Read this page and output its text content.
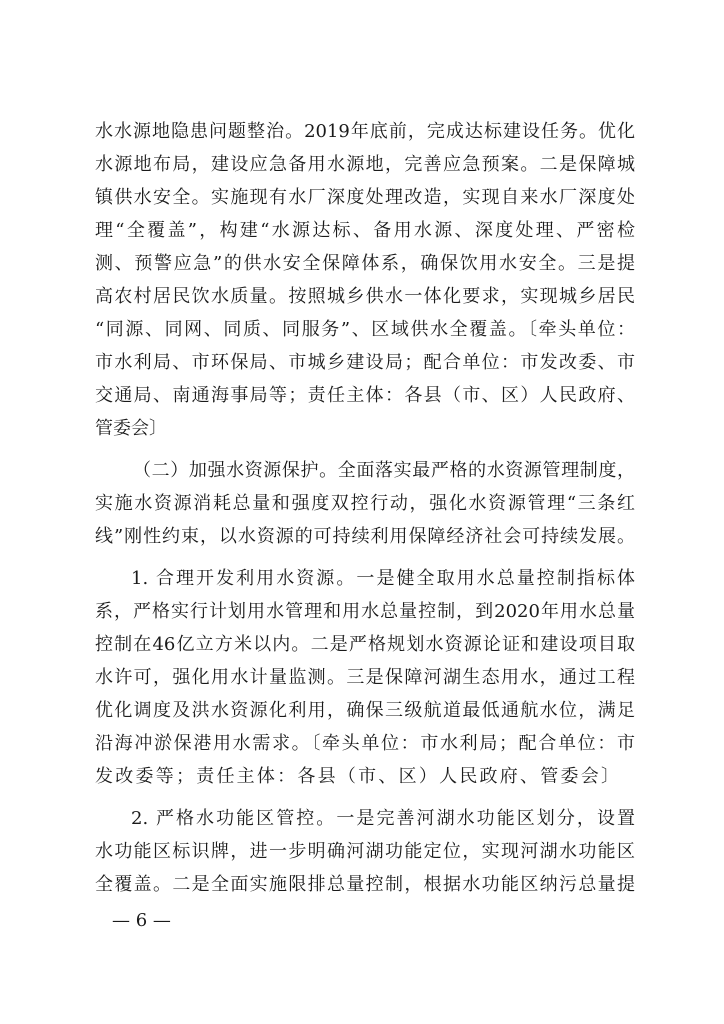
水水源地隐患问题整治。2019年底前，完成达标建设任务。优化
水源地布局，建设应急备用水源地，完善应急预案。二是保障城
镇供水安全。实施现有水厂深度处理改造，实现自来水厂深度处
理“全覆盖”，构建“水源达标、备用水源、深度处理、严密检
测、预警应急”的供水安全保障体系，确保饮用水安全。三是提
高农村居民饮水质量。按照城乡供水一体化要求，实现城乡居民
“同源、同网、同质、同服务”、区域供水全覆盖。〔牵头单位：
市水利局、市环保局、市城乡建设局；配合单位：市发改委、市
交通局、南通海事局等；责任主体：各县（市、区）人民政府、
管委会〕
（二）加强水资源保护。全面落实最严格的水资源管理制度，
实施水资源消耗总量和强度双控行动，强化水资源管理“三条红
线”刚性约束，以水资源的可持续利用保障经济社会可持续发展。
1. 合理开发利用水资源。一是健全取用水总量控制指标体
系，严格实行计划用水管理和用水总量控制，到2020年用水总量
控制在46亿立方米以内。二是严格规划水资源论证和建设项目取
水许可，强化用水计量监测。三是保障河湖生态用水，通过工程
优化调度及洪水资源化利用，确保三级航道最低通航水位，满足
沿海冲淤保港用水需求。〔牵头单位：市水利局；配合单位：市
发改委等；责任主体：各县（市、区）人民政府、管委会〕
2. 严格水功能区管控。一是完善河湖水功能区划分，设置
水功能区标识牌，进一步明确河湖功能定位，实现河湖水功能区
全覆盖。二是全面实施限排总量控制，根据水功能区纳污总量提
— 6 —
